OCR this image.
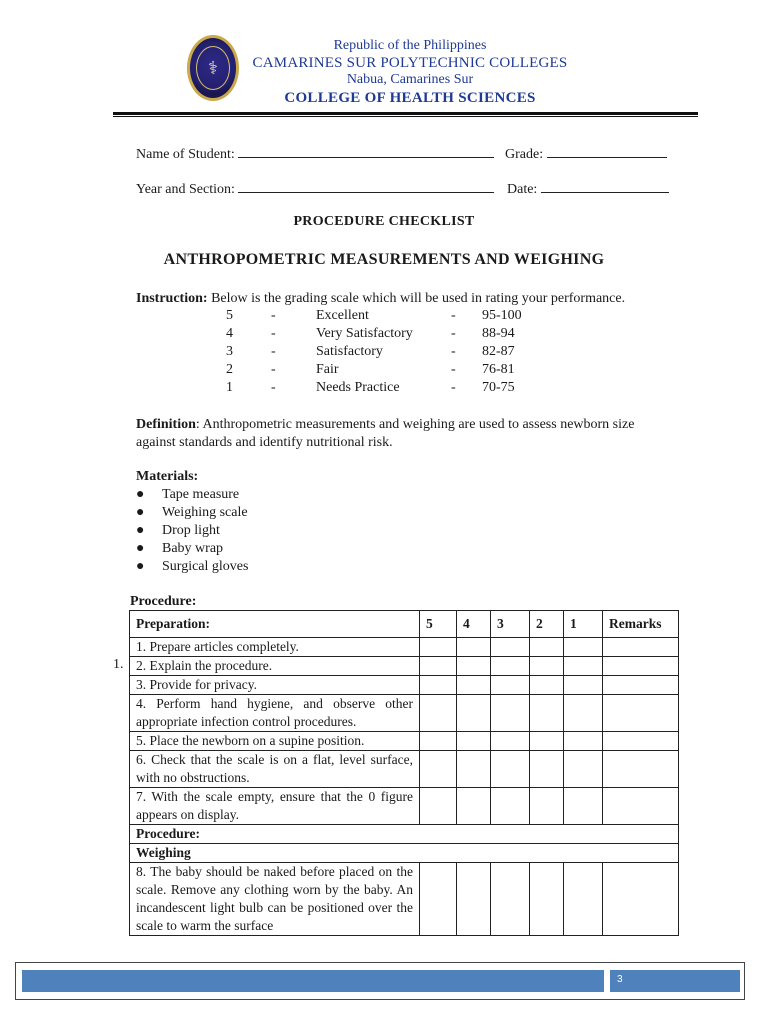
⚕
Republic of the Philippines
CAMARINES SUR POLYTECHNIC COLLEGES
Nabua, Camarines Sur
COLLEGE OF HEALTH SCIENCES
Name of Student:	Grade:
Year and Section:	Date:
PROCEDURE CHECKLIST
ANTHROPOMETRIC MEASUREMENTS AND WEIGHING
Instruction: Below is the grading scale which will be used in rating your performance.
5	-	Excellent	- 95-100
4	-	Very Satisfactory	- 88-94
3	-	Satisfactory	- 82-87
2	-	Fair	- 76-81
1	-	Needs Practice	- 70-75
Definition: Anthropometric measurements and weighing are used to assess newborn size
against standards and identify nutritional risk.
Materials:
● Tape measure
● Weighing scale
● Drop light
● Baby wrap
● Surgical gloves
Procedure:
1.
Preparation:	5	4	3	2	1	Remarks
1. Prepare articles completely.						
2. Explain the procedure.						
3. Provide for privacy.						
4. Perform hand hygiene, and observe other appropriate infection control procedures.						
5. Place the newborn on a supine position.						
6. Check that the scale is on a flat, level surface, with no obstructions.						
7. With the scale empty, ensure that the 0 figure appears on display.						
Procedure:						
Weighing						
8. The baby should be naked before placed on the scale. Remove any clothing worn by the baby. An incandescent light bulb can be positioned over the scale to warm the surface						
3
